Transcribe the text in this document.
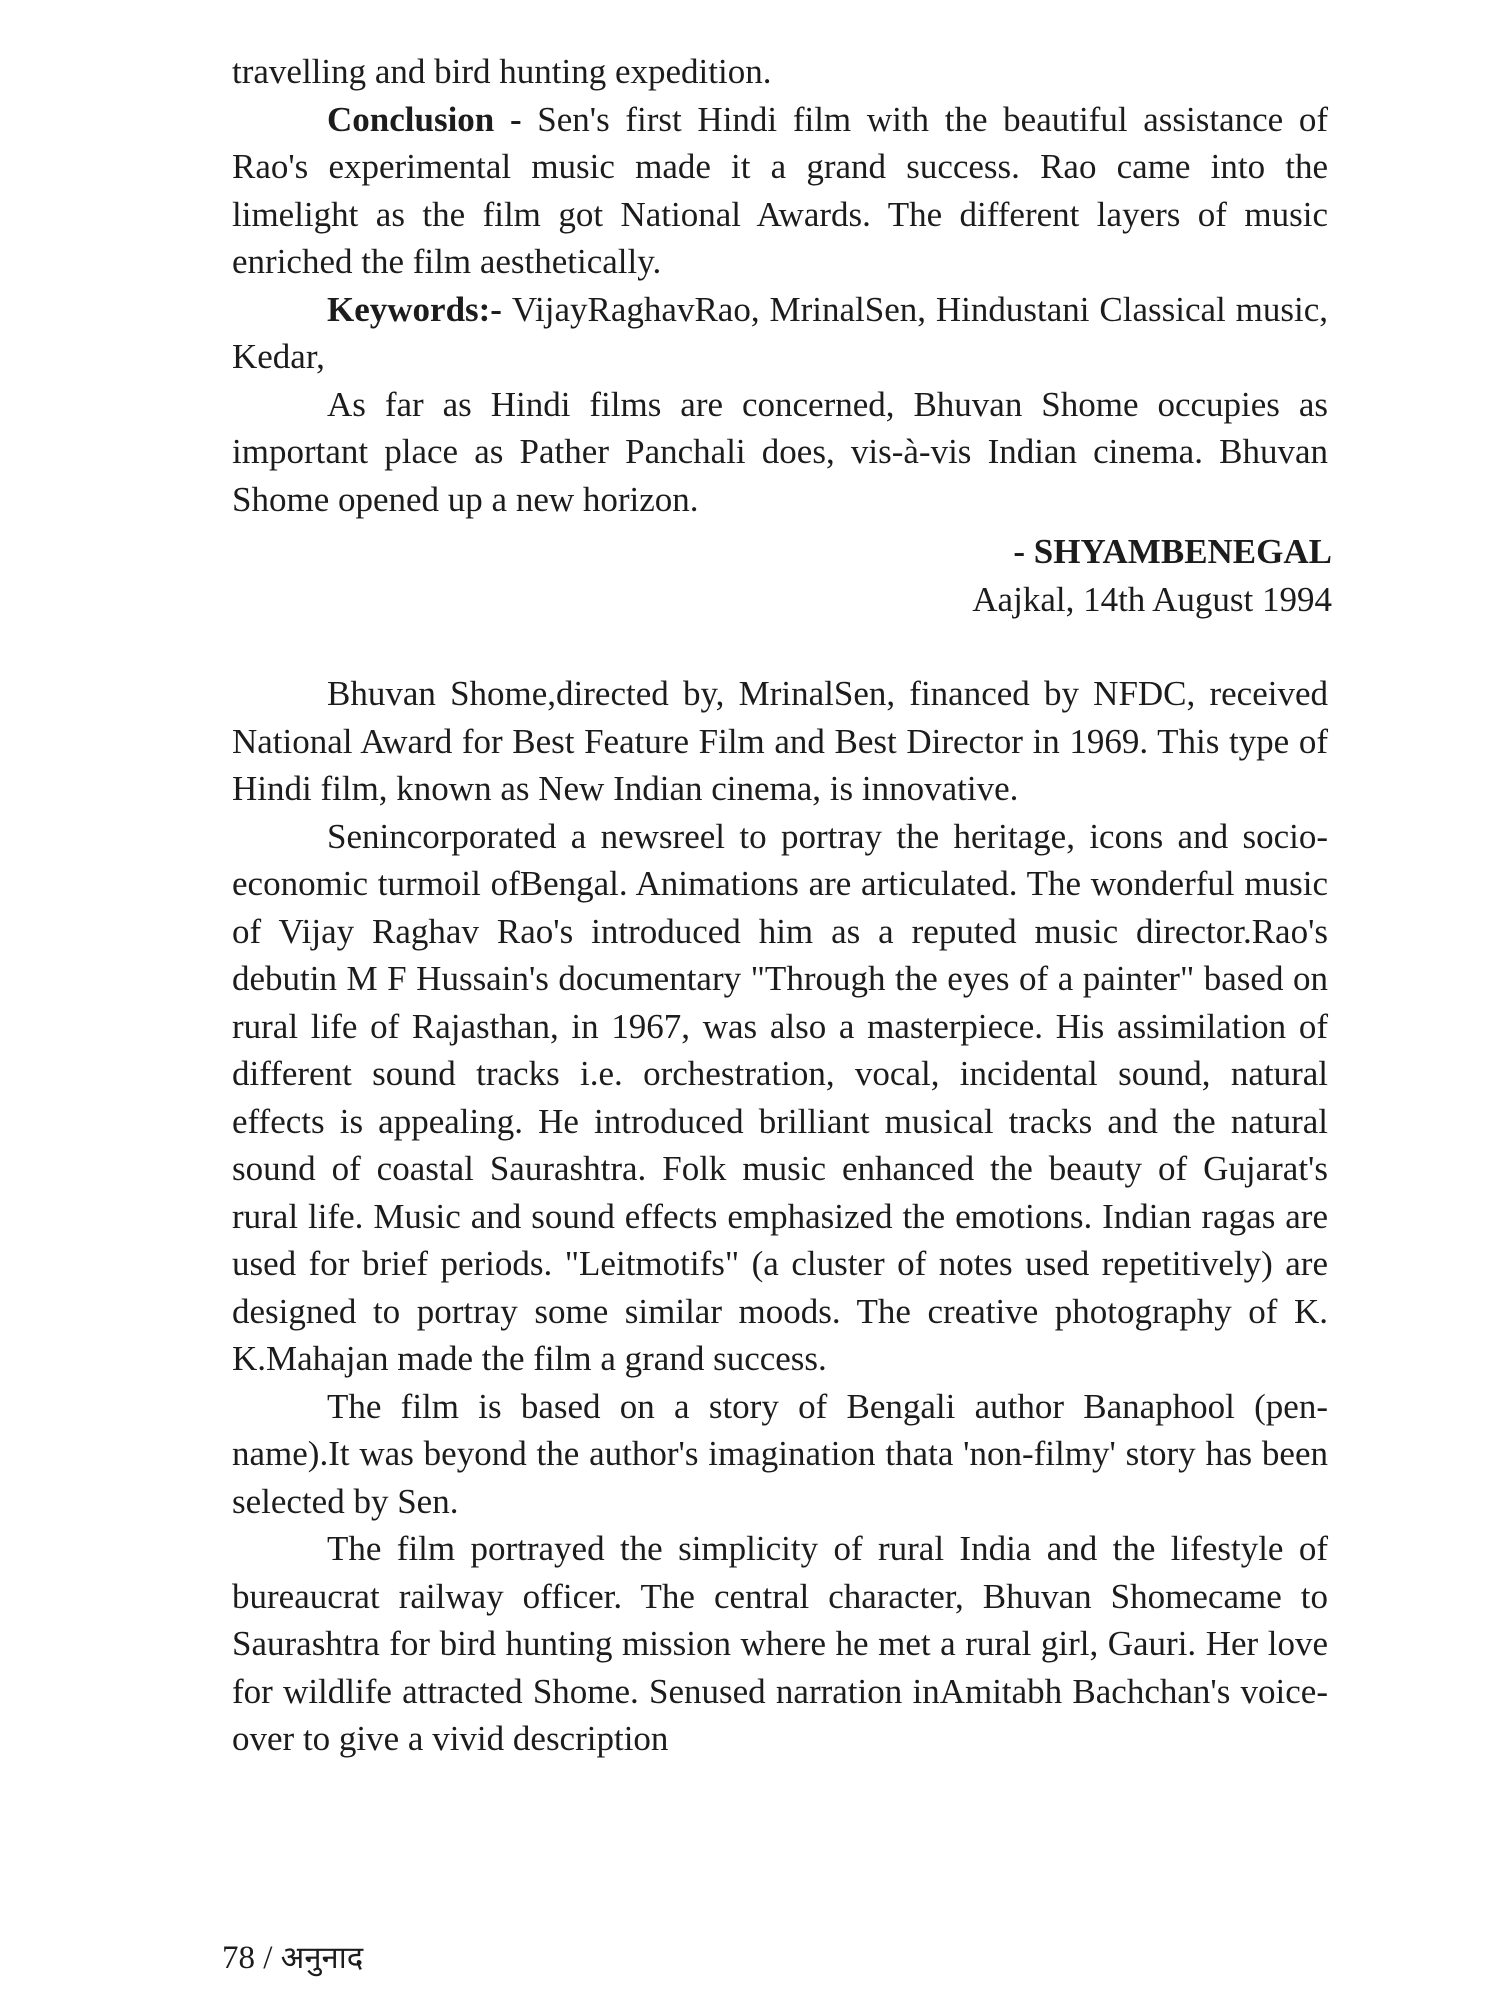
travelling and bird hunting expedition.

Conclusion - Sen's first Hindi film with the beautiful assistance of Rao's experimental music made it a grand success. Rao came into the limelight as the film got National Awards. The different layers of music enriched the film aesthetically.

Keywords:- VijayRaghavRao, MrinalSen, Hindustani Classical music, Kedar,

As far as Hindi films are concerned, Bhuvan Shome occupies as important place as Pather Panchali does, vis-à-vis Indian cinema. Bhuvan Shome opened up a new horizon.

- SHYAMBENEGAL
Aajkal, 14th August 1994

Bhuvan Shome,directed by, MrinalSen, financed by NFDC, received National Award for Best Feature Film and Best Director in 1969. This type of Hindi film, known as New Indian cinema, is innovative.

Senincorporated a newsreel to portray the heritage, icons and socio-economic turmoil ofBengal. Animations are articulated. The wonderful music of Vijay Raghav Rao's introduced him as a reputed music director.Rao's debutin M F Hussain's documentary "Through the eyes of a painter" based on rural life of Rajasthan, in 1967, was also a masterpiece. His assimilation of different sound tracks i.e. orchestration, vocal, incidental sound, natural effects is appealing. He introduced brilliant musical tracks and the natural sound of coastal Saurashtra. Folk music enhanced the beauty of Gujarat's rural life. Music and sound effects emphasized the emotions. Indian ragas are used for brief periods. "Leitmotifs" (a cluster of notes used repetitively) are designed to portray some similar moods. The creative photography of K. K.Mahajan made the film a grand success.

The film is based on a story of Bengali author Banaphool (pen-name).It was beyond the author's imagination thata 'non-filmy' story has been selected by Sen.

The film portrayed the simplicity of rural India and the lifestyle of bureaucrat railway officer. The central character, Bhuvan Shomecame to Saurashtra for bird hunting mission where he met a rural girl, Gauri. Her love for wildlife attracted Shome. Senused narration inAmitabh Bachchan's voice-over to give a vivid description

78 / अनुनाद
